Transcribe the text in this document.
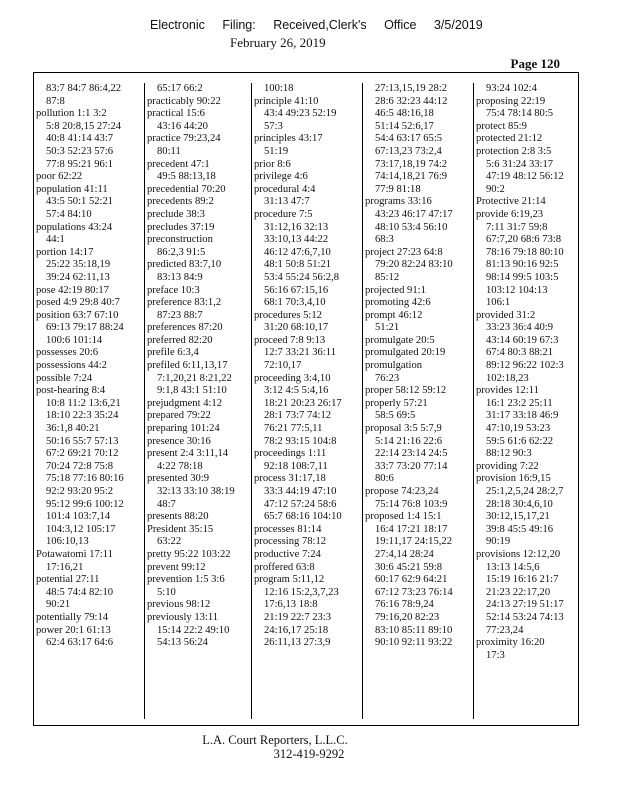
Electronic Filing: Received,Clerk's Office 3/5/2019
February 26, 2019
Page 120
83:7 84:7 86:4,22
87:8
pollution 1:1 3:2
5:8 20:8,15 27:24
40:8 41:14 43:7
50:3 52:23 57:6
77:8 95:21 96:1
poor 62:22
population 41:11
43:5 50:1 52:21
57:4 84:10
populations 43:24
44:1
portion 14:17
25:22 35:18,19
39:24 62:11,13
pose 42:19 80:17
posed 4:9 29:8 40:7
position 63:7 67:10
69:13 79:17 88:24
100:6 101:14
possesses 20:6
possessions 44:2
possible 7:24
post-hearing 8:4
10:8 11:2 13:6,21
18:10 22:3 35:24
36:1,8 40:21
50:16 55:7 57:13
67:2 69:21 70:12
70:24 72:8 75:8
75:18 77:16 80:16
92:2 93:20 95:2
95:12 99:6 100:12
101:4 103:7,14
104:3,12 105:17
106:10,13
Potawatomi 17:11
17:16,21
potential 27:11
48:5 74:4 82:10
90:21
potentially 79:14
power 20:1 61:13
62:4 63:17 64:6
65:17 66:2
practicably 90:22
practical 15:6
43:16 44:20
practice 79:23,24
80:11
precedent 47:1
49:5 88:13,18
precedential 70:20
precedents 89:2
preclude 38:3
precludes 37:19
preconstruction
86:2,3 91:5
predicted 83:7,10
83:13 84:9
preface 10:3
preference 83:1,2
87:23 88:7
preferences 87:20
preferred 82:20
prefile 6:3,4
prefiled 6:11,13,17
7:1,20,21 8:21,22
9:1,8 43:1 51:10
prejudgment 4:12
prepared 79:22
preparing 101:24
presence 30:16
present 2:4 3:11,14
4:22 78:18
presented 30:9
32:13 33:10 38:19
48:7
presents 88:20
President 35:15
63:22
pretty 95:22 103:22
prevent 99:12
prevention 1:5 3:6
5:10
previous 98:12
previously 13:11
15:14 22:2 49:10
54:13 56:24
100:18
principle 41:10
43:4 49:23 52:19
57:3
principles 43:17
51:19
prior 8:6
privilege 4:6
procedural 4:4
31:13 47:7
procedure 7:5
31:12,16 32:13
33:10,13 44:22
46:12 47:6,7,10
48:1 50:8 51:21
53:4 55:24 56:2,8
56:16 67:15,16
68:1 70:3,4,10
procedures 5:12
31:20 68:10,17
proceed 7:8 9:13
12:7 33:21 36:11
72:10,17
proceeding 3:4,10
3:12 4:5 5:4,16
18:21 20:23 26:17
28:1 73:7 74:12
76:21 77:5,11
78:2 93:15 104:8
proceedings 1:11
92:18 108:7,11
process 31:17,18
33:3 44:19 47:10
47:12 57:24 58:6
65:7 68:16 104:10
processes 81:14
processing 78:12
productive 7:24
proffered 63:8
program 5:11,12
12:16 15:2,3,7,23
17:6,13 18:8
21:19 22:7 23:3
24:16,17 25:18
26:11,13 27:3,9
27:13,15,19 28:2
28:6 32:23 44:12
46:5 48:16,18
51:14 52:6,17
54:4 63:17 65:5
67:13,23 73:2,4
73:17,18,19 74:2
74:14,18,21 76:9
77:9 81:18
programs 33:16
43:23 46:17 47:17
48:10 53:4 56:10
68:3
project 27:23 64:8
79:20 82:24 83:10
85:12
projected 91:1
promoting 42:6
prompt 46:12
51:21
promulgate 20:5
promulgated 20:19
promulgation
76:23
proper 58:12 59:12
properly 57:21
58:5 69:5
proposal 3:5 5:7,9
5:14 21:16 22:6
22:14 23:14 24:5
33:7 73:20 77:14
80:6
propose 74:23,24
75:14 76:8 103:9
proposed 1:4 15:1
16:4 17:21 18:17
19:11,17 24:15,22
27:4,14 28:24
30:6 45:21 59:8
60:17 62:9 64:21
67:12 73:23 76:14
76:16 78:9,24
79:16,20 82:23
83:10 85:11 89:10
90:10 92:11 93:22
93:24 102:4
proposing 22:19
75:4 78:14 80:5
protect 85:9
protected 21:12
protection 2:8 3:5
5:6 31:24 33:17
47:19 48:12 56:12
90:2
Protective 21:14
provide 6:19,23
7:11 31:7 59:8
67:7,20 68:6 73:8
78:16 79:18 80:10
81:13 90:16 92:5
98:14 99:5 103:5
103:12 104:13
106:1
provided 31:2
33:23 36:4 40:9
43:14 60:19 67:3
67:4 80:3 88:21
89:12 96:22 102:3
102:18,23
provides 12:11
16:1 23:2 25:11
31:17 33:18 46:9
47:10,19 53:23
59:5 61:6 62:22
88:12 90:3
providing 7:22
provision 16:9,15
25:1,2,5,24 28:2,7
28:18 30:4,6,10
30:12,15,17,21
39:8 45:5 49:16
90:19
provisions 12:12,20
13:13 14:5,6
15:19 16:16 21:7
21:23 22:17,20
24:13 27:19 51:17
52:14 53:24 74:13
77:23,24
proximity 16:20
17:3
L.A. Court Reporters, L.L.C.
312-419-9292
